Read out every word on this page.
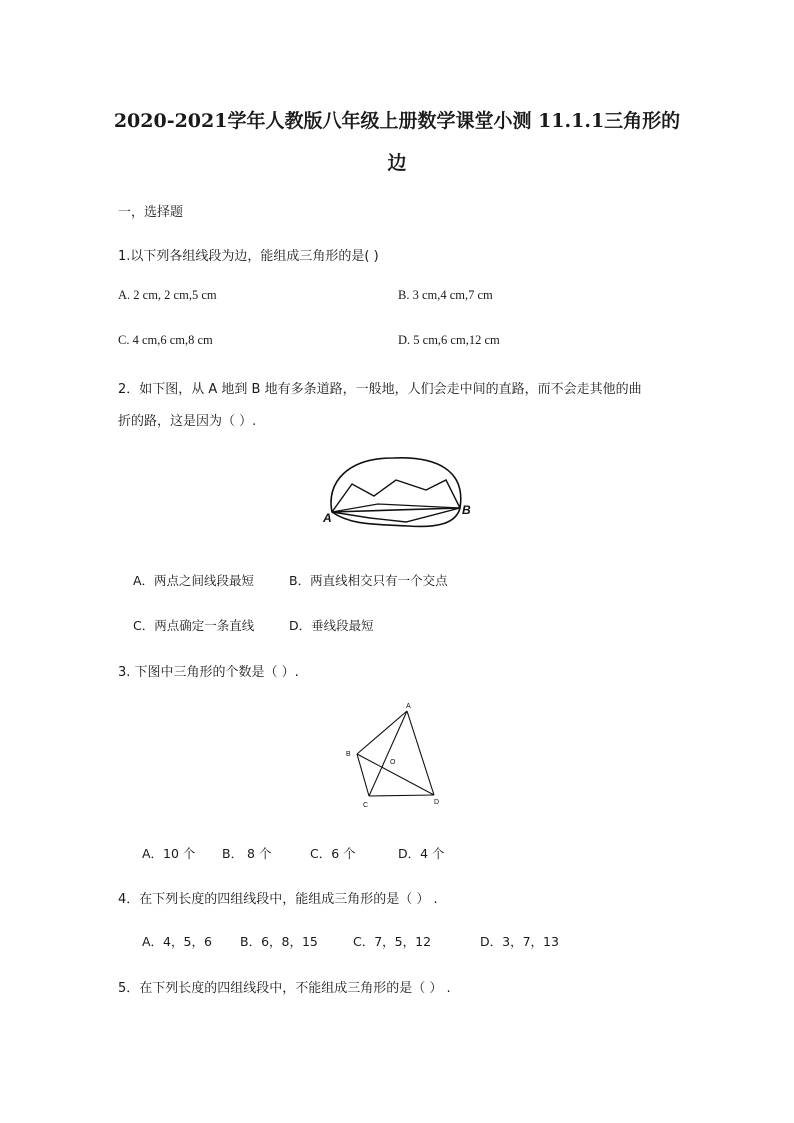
2020-2021学年人教版八年级上册数学课堂小测 11.1.1三角形的
边
一，选择题
1.以下列各组线段为边，能组成三角形的是( )
A. 2 cm, 2 cm,5 cm	B. 3 cm,4 cm,7 cm
C. 4 cm,6 cm,8 cm	D. 5 cm,6 cm,12 cm
2．如下图，从 A 地到 B 地有多条道路，一般地，人们会走中间的直路，而不会走其他的曲
折的路，这是因为（ ）.
A
B
A．两点之间线段最短	B．两直线相交只有一个交点
C．两点确定一条直线	D．垂线段最短
3. 下图中三角形的个数是（ ）.
A
B
C	D
O
A．10 个 B． 8 个	C．6 个	D．4 个
4．在下列长度的四组线段中，能组成三角形的是（ ） .
A．4，5，6 B．6，8，15	C．7，5，12	D．3，7，13
5．在下列长度的四组线段中，不能组成三角形的是（ ） .
